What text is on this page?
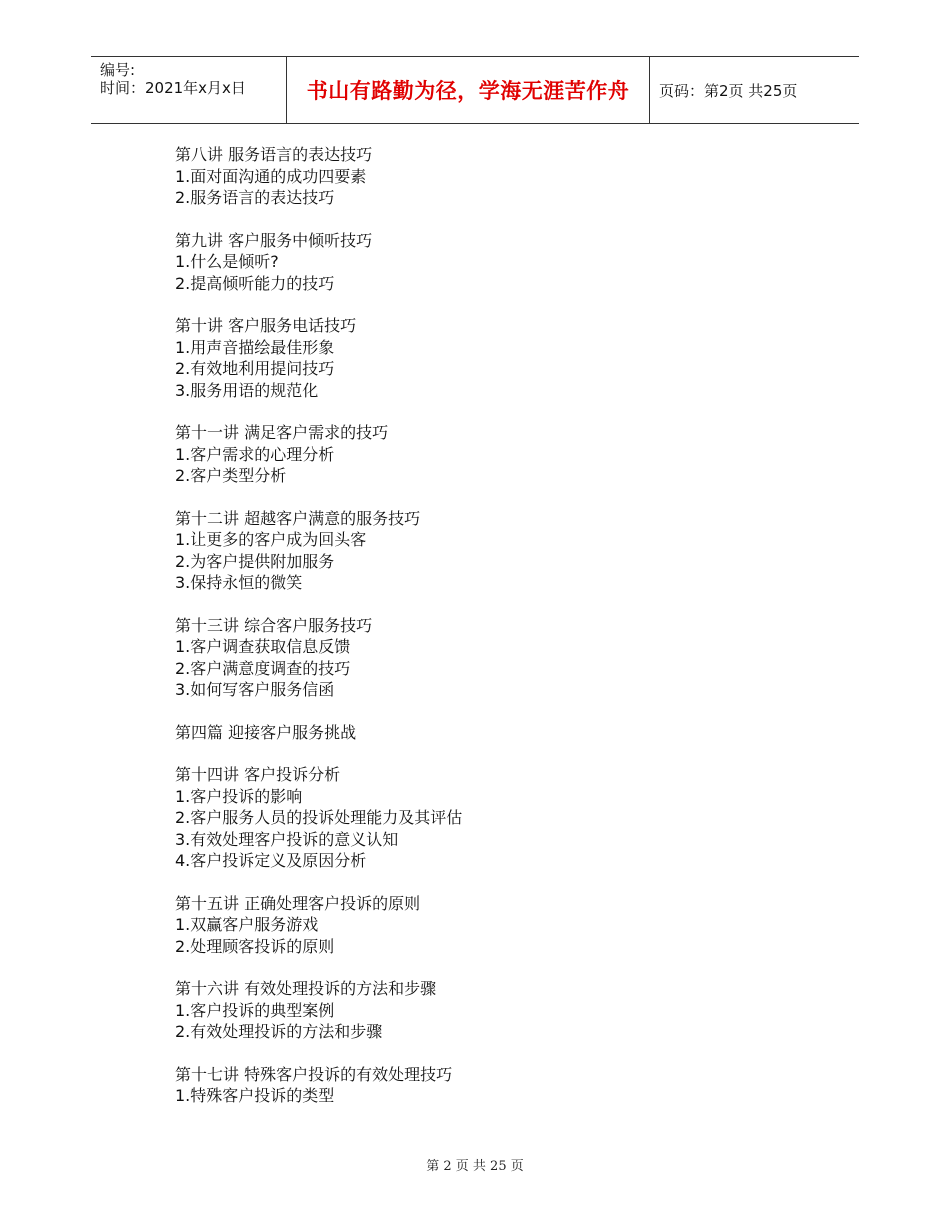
编号:
时间：2021年x月x日	书山有路勤为径，学海无涯苦作舟 页码：第2页 共25页
第八讲 服务语言的表达技巧
1.面对面沟通的成功四要素
2.服务语言的表达技巧
第九讲 客户服务中倾听技巧
1.什么是倾听?
2.提高倾听能力的技巧
第十讲 客户服务电话技巧
1.用声音描绘最佳形象
2.有效地利用提问技巧
3.服务用语的规范化
第十一讲 满足客户需求的技巧
1.客户需求的心理分析
2.客户类型分析
第十二讲 超越客户满意的服务技巧
1.让更多的客户成为回头客
2.为客户提供附加服务
3.保持永恒的微笑
第十三讲 综合客户服务技巧
1.客户调查获取信息反馈
2.客户满意度调查的技巧
3.如何写客户服务信函
第四篇 迎接客户服务挑战
第十四讲 客户投诉分析
1.客户投诉的影响
2.客户服务人员的投诉处理能力及其评估
3.有效处理客户投诉的意义认知
4.客户投诉定义及原因分析
第十五讲 正确处理客户投诉的原则
1.双赢客户服务游戏
2.处理顾客投诉的原则
第十六讲 有效处理投诉的方法和步骤
1.客户投诉的典型案例
2.有效处理投诉的方法和步骤
第十七讲 特殊客户投诉的有效处理技巧
1.特殊客户投诉的类型
第 2 页 共 25 页
